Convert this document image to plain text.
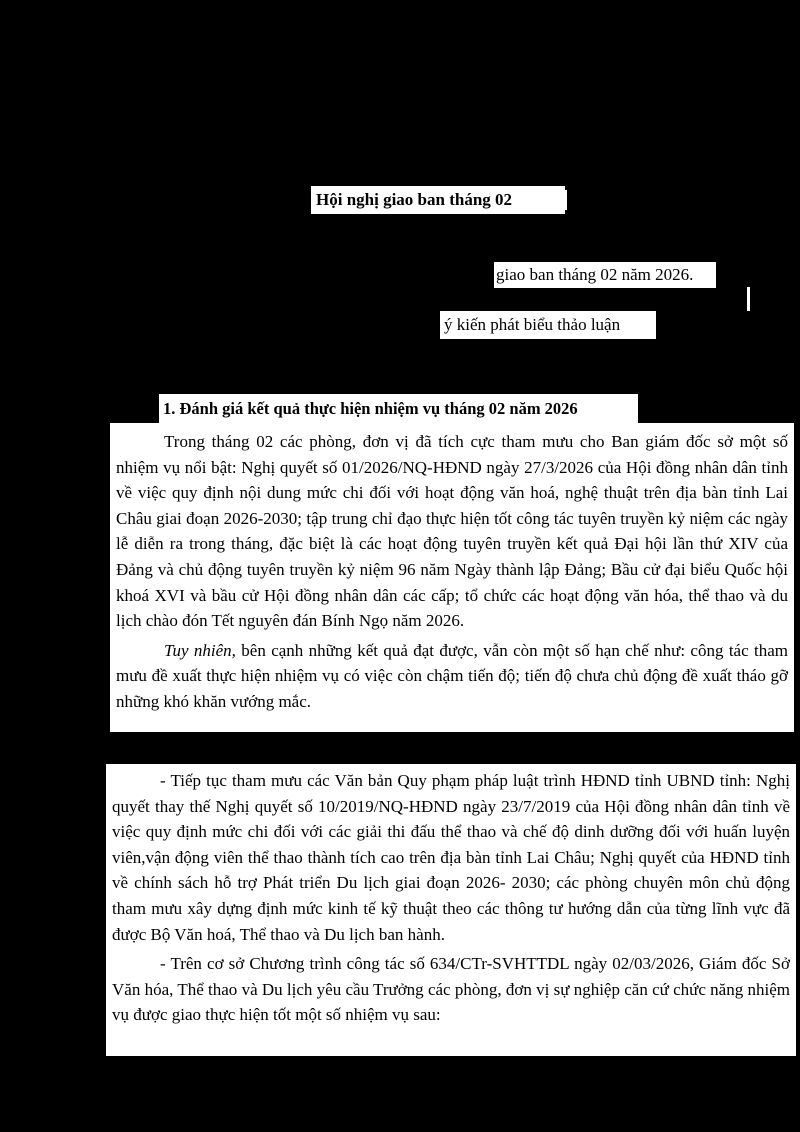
Hội nghị giao ban tháng 02
giao ban tháng 02 năm 2026.
ý kiến phát biểu thảo luận
1. Đánh giá kết quả thực hiện nhiệm vụ tháng 02 năm 2026

Trong tháng 02 các phòng, đơn vị đã tích cực tham mưu cho Ban giám đốc sở một số nhiệm vụ nổi bật: Nghị quyết số 01/2026/NQ-HĐND ngày 27/3/2026 của Hội đồng nhân dân tỉnh về việc quy định nội dung mức chi đối với hoạt động văn hoá, nghệ thuật trên địa bàn tỉnh Lai Châu giai đoạn 2026-2030; tập trung chỉ đạo thực hiện tốt công tác tuyên truyền kỷ niệm các ngày lễ diễn ra trong tháng, đặc biệt là các hoạt động tuyên truyền kết quả Đại hội lần thứ XIV của Đảng và chủ động tuyên truyền kỷ niệm 96 năm Ngày thành lập Đảng; Bầu cử đại biểu Quốc hội khoá XVI và bầu cử Hội đồng nhân dân các cấp; tổ chức các hoạt động văn hóa, thể thao và du lịch chào đón Tết nguyên đán Bính Ngọ năm 2026.

Tuy nhiên, bên cạnh những kết quả đạt được, vẫn còn một số hạn chế như: công tác tham mưu đề xuất thực hiện nhiệm vụ có việc còn chậm tiến độ; tiến độ chưa chủ động đề xuất tháo gỡ những khó khăn vướng mắc.

- Tiếp tục tham mưu các Văn bản Quy phạm pháp luật trình HĐND tỉnh UBND tỉnh: Nghị quyết thay thế Nghị quyết số 10/2019/NQ-HĐND ngày 23/7/2019 của Hội đồng nhân dân tỉnh về việc quy định mức chi đối với các giải thi đấu thể thao và chế độ dinh dưỡng đối với huấn luyện viên,vận động viên thể thao thành tích cao trên địa bàn tỉnh Lai Châu; Nghị quyết của HĐND tỉnh về chính sách hỗ trợ Phát triển Du lịch giai đoạn 2026- 2030; các phòng chuyên môn chủ động tham mưu xây dựng định mức kinh tế kỹ thuật theo các thông tư hướng dẫn của từng lĩnh vực đã được Bộ Văn hoá, Thể thao và Du lịch ban hành.

- Trên cơ sở Chương trình công tác số 634/CTr-SVHTTDL ngày 02/03/2026, Giám đốc Sở Văn hóa, Thể thao và Du lịch yêu cầu Trưởng các phòng, đơn vị sự nghiệp căn cứ chức năng nhiệm vụ được giao thực hiện tốt một số nhiệm vụ sau:
